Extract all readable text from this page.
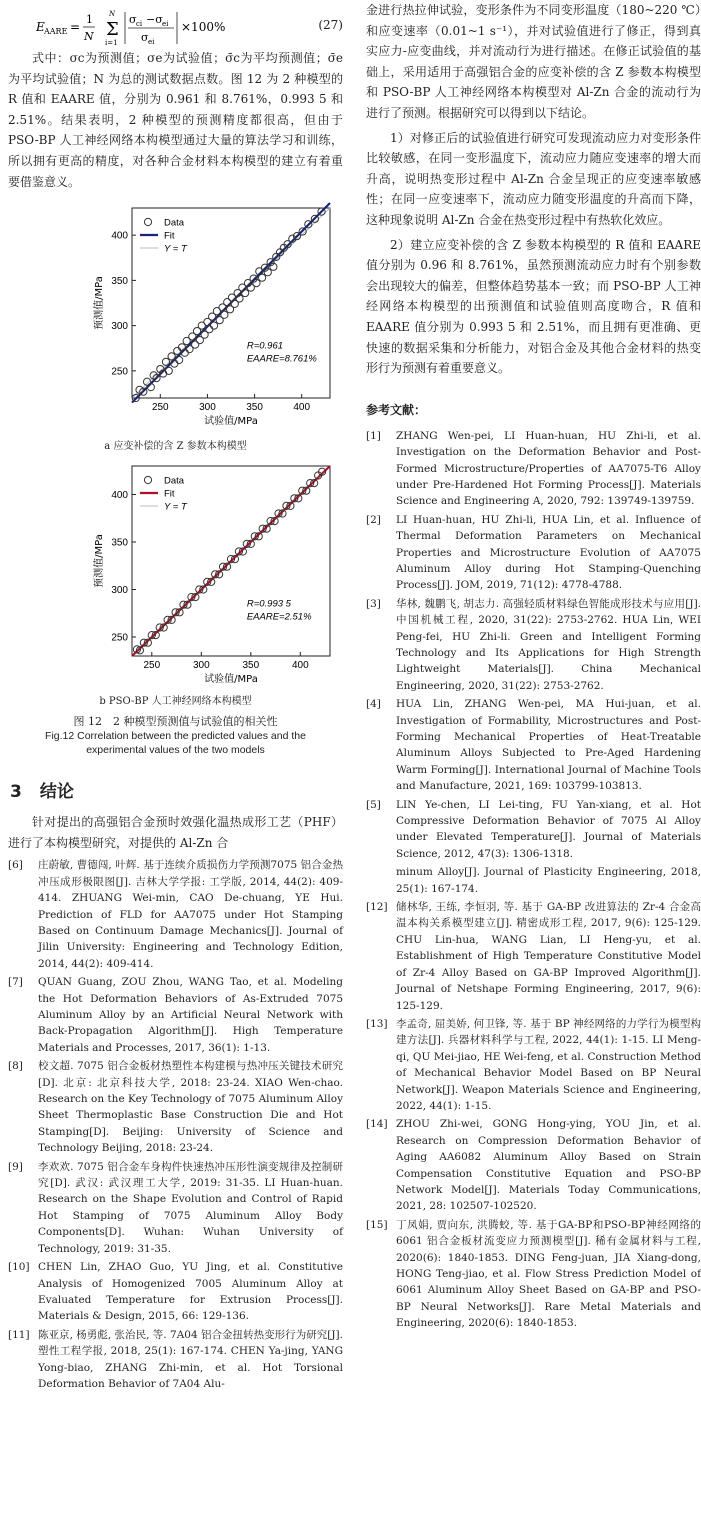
E AARE =
1
N Σ
N
i=1
σ ci −σ ei
σ ei
×100%	(27)

式中：σc为预测值；σe为试验值；σ̄c为平均预测值；σ̄e为平均试验值；N 为总的测试数据点数。图 12 为 2 种模型的 R 值和 EAARE 值，分别为 0.961 和 8.761%，0.993 5 和 2.51%。结果表明，2 种模型的预测精度都很高，但由于 PSO-BP 人工神经网络本构模型通过大量的算法学习和训练，所以拥有更高的精度，对各种合金材料本构模型的建立有着重要借鉴意义。

250	300	350	400
250
300
350
400
试验值/MPa
预测值/MPa
Data
Fit
Y = T
R=0.961
EAARE=8.761%
a 应变补偿的含 Z 参数本构模型
250	300	350	400
250
300
350
400
试验值/MPa
预测值/MPa
Data
Fit
Y = T
R=0.993 5
EAARE=2.51%
b PSO-BP 人工神经网络本构模型
图 12　2 种模型预测值与试验值的相关性
Fig.12 Correlation between the predicted values and the
experimental values of the two models
3 结论

针对提出的高强铝合金预时效强化温热成形工艺（PHF）进行了本构模型研究，对提供的 Al-Zn 合

[6]	庄蔚敏, 曹德闯, 叶辉. 基于连续介质损伤力学预测7075 铝合金热冲压成形极限图[J]. 吉林大学学报: 工学版, 2014, 44(2): 409-414. ZHUANG Wei-min, CAO De-chuang, YE Hui. Prediction of FLD for AA7075 under Hot Stamping Based on Continuum Damage Mechanics[J]. Journal of Jilin University: Engineering and Technology Edition, 2014, 44(2): 409-414.
[7]	QUAN Guang, ZOU Zhou, WANG Tao, et al. Modeling the Hot Deformation Behaviors of As-Extruded 7075 Aluminum Alloy by an Artificial Neural Network with Back-Propagation Algorithm[J]. High Temperature Materials and Processes, 2017, 36(1): 1-13.
[8]	校文超. 7075 铝合金板材热塑性本构建模与热冲压关键技术研究[D]. 北京: 北京科技大学, 2018: 23-24. XIAO Wen-chao. Research on the Key Technology of 7075 Aluminum Alloy Sheet Thermoplastic Base Construction Die and Hot Stamping[D]. Beijing: University of Science and Technology Beijing, 2018: 23-24.
[9]	李欢欢. 7075 铝合金车身构件快速热冲压形性演变规律及控制研究[D]. 武汉: 武汉理工大学, 2019: 31-35. LI Huan-huan. Research on the Shape Evolution and Control of Rapid Hot Stamping of 7075 Aluminum Alloy Body Components[D]. Wuhan: Wuhan University of Technology, 2019: 31-35.
[10] CHEN Lin, ZHAO Guo, YU Jing, et al. Constitutive Analysis of Homogenized 7005 Aluminum Alloy at Evaluated Temperature for Extrusion Process[J]. Materials & Design, 2015, 66: 129-136.
[11] 陈亚京, 杨勇彪, 张治民, 等. 7A04 铝合金扭转热变形行为研究[J]. 塑性工程学报, 2018, 25(1): 167-174. CHEN Ya-jing, YANG Yong-biao, ZHANG Zhi-min, et al. Hot Torsional Deformation Behavior of 7A04 Alu-

金进行热拉伸试验，变形条件为不同变形温度（180~220 ℃）和应变速率（0.01~1 s⁻¹），并对试验值进行了修正，得到真实应力-应变曲线，并对流动行为进行描述。在修正试验值的基础上，采用适用于高强铝合金的应变补偿的含 Z 参数本构模型和 PSO-BP 人工神经网络本构模型对 Al-Zn 合金的流动行为进行了预测。根据研究可以得到以下结论。

1）对修正后的试验值进行研究可发现流动应力对变形条件比较敏感，在同一变形温度下，流动应力随应变速率的增大而升高，说明热变形过程中 Al-Zn 合金呈现正的应变速率敏感性；在同一应变速率下，流动应力随变形温度的升高而下降，这种现象说明 Al-Zn 合金在热变形过程中有热软化效应。

2）建立应变补偿的含 Z 参数本构模型的 R 值和 EAARE值分别为 0.96 和 8.761%，虽然预测流动应力时有个别参数会出现较大的偏差，但整体趋势基本一致；而 PSO-BP 人工神经网络本构模型的出预测值和试验值则高度吻合，R 值和 EAARE 值分别为 0.993 5 和 2.51%，而且拥有更准确、更快速的数据采集和分析能力，对铝合金及其他合金材料的热变形行为预测有着重要意义。

参考文献：
[1]	ZHANG Wen-pei, LI Huan-huan, HU Zhi-li, et al. Investigation on the Deformation Behavior and Post-Formed Microstructure/Properties of AA7075-T6 Alloy under Pre-Hardened Hot Forming Process[J]. Materials Science and Engineering A, 2020, 792: 139749-139759.
[2]	LI Huan-huan, HU Zhi-li, HUA Lin, et al. Influence of Thermal Deformation Parameters on Mechanical Properties and Microstructure Evolution of AA7075 Aluminum Alloy during Hot Stamping-Quenching Process[J]. JOM, 2019, 71(12): 4778-4788.
[3]	华林, 魏鹏飞, 胡志力. 高强轻质材料绿色智能成形技术与应用[J]. 中国机械工程, 2020, 31(22): 2753-2762. HUA Lin, WEI Peng-fei, HU Zhi-li. Green and Intelligent Forming Technology and Its Applications for High Strength Lightweight Materials[J]. China Mechanical Engineering, 2020, 31(22): 2753-2762.
[4]	HUA Lin, ZHANG Wen-pei, MA Hui-juan, et al. Investigation of Formability, Microstructures and Post-Forming Mechanical Properties of Heat-Treatable Aluminum Alloys Subjected to Pre-Aged Hardening Warm Forming[J]. International Journal of Machine Tools and Manufacture, 2021, 169: 103799-103813.
[5]	LIN Ye-chen, LI Lei-ting, FU Yan-xiang, et al. Hot Compressive Deformation Behavior of 7075 Al Alloy under Elevated Temperature[J]. Journal of Materials Science, 2012, 47(3): 1306-1318.
minum Alloy[J]. Journal of Plasticity Engineering, 2018, 25(1): 167-174.
[12] 储林华, 王练, 李恒羽, 等. 基于 GA-BP 改进算法的 Zr-4 合金高温本构关系模型建立[J]. 精密成形工程, 2017, 9(6): 125-129. CHU Lin-hua, WANG Lian, LI Heng-yu, et al. Establishment of High Temperature Constitutive Model of Zr-4 Alloy Based on GA-BP Improved Algorithm[J]. Journal of Netshape Forming Engineering, 2017, 9(6): 125-129.
[13] 李孟奇, 屈美娇, 何卫锋, 等. 基于 BP 神经网络的力学行为模型构建方法[J]. 兵器材料科学与工程, 2022, 44(1): 1-15. LI Meng-qi, QU Mei-jiao, HE Wei-feng, et al. Construction Method of Mechanical Behavior Model Based on BP Neural Network[J]. Weapon Materials Science and Engineering, 2022, 44(1): 1-15.
[14] ZHOU Zhi-wei, GONG Hong-ying, YOU Jin, et al. Research on Compression Deformation Behavior of Aging AA6082 Aluminum Alloy Based on Strain Compensation Constitutive Equation and PSO-BP Network Model[J]. Materials Today Communications, 2021, 28: 102507-102520.
[15] 丁凤娟, 贾向东, 洪腾蛟, 等. 基于GA-BP和PSO-BP神经网络的 6061 铝合金板材流变应力预测模型[J]. 稀有金属材料与工程, 2020(6): 1840-1853. DING Feng-juan, JIA Xiang-dong, HONG Teng-jiao, et al. Flow Stress Prediction Model of 6061 Aluminum Alloy Sheet Based on GA-BP and PSO-BP Neural Networks[J]. Rare Metal Materials and Engineering, 2020(6): 1840-1853.
